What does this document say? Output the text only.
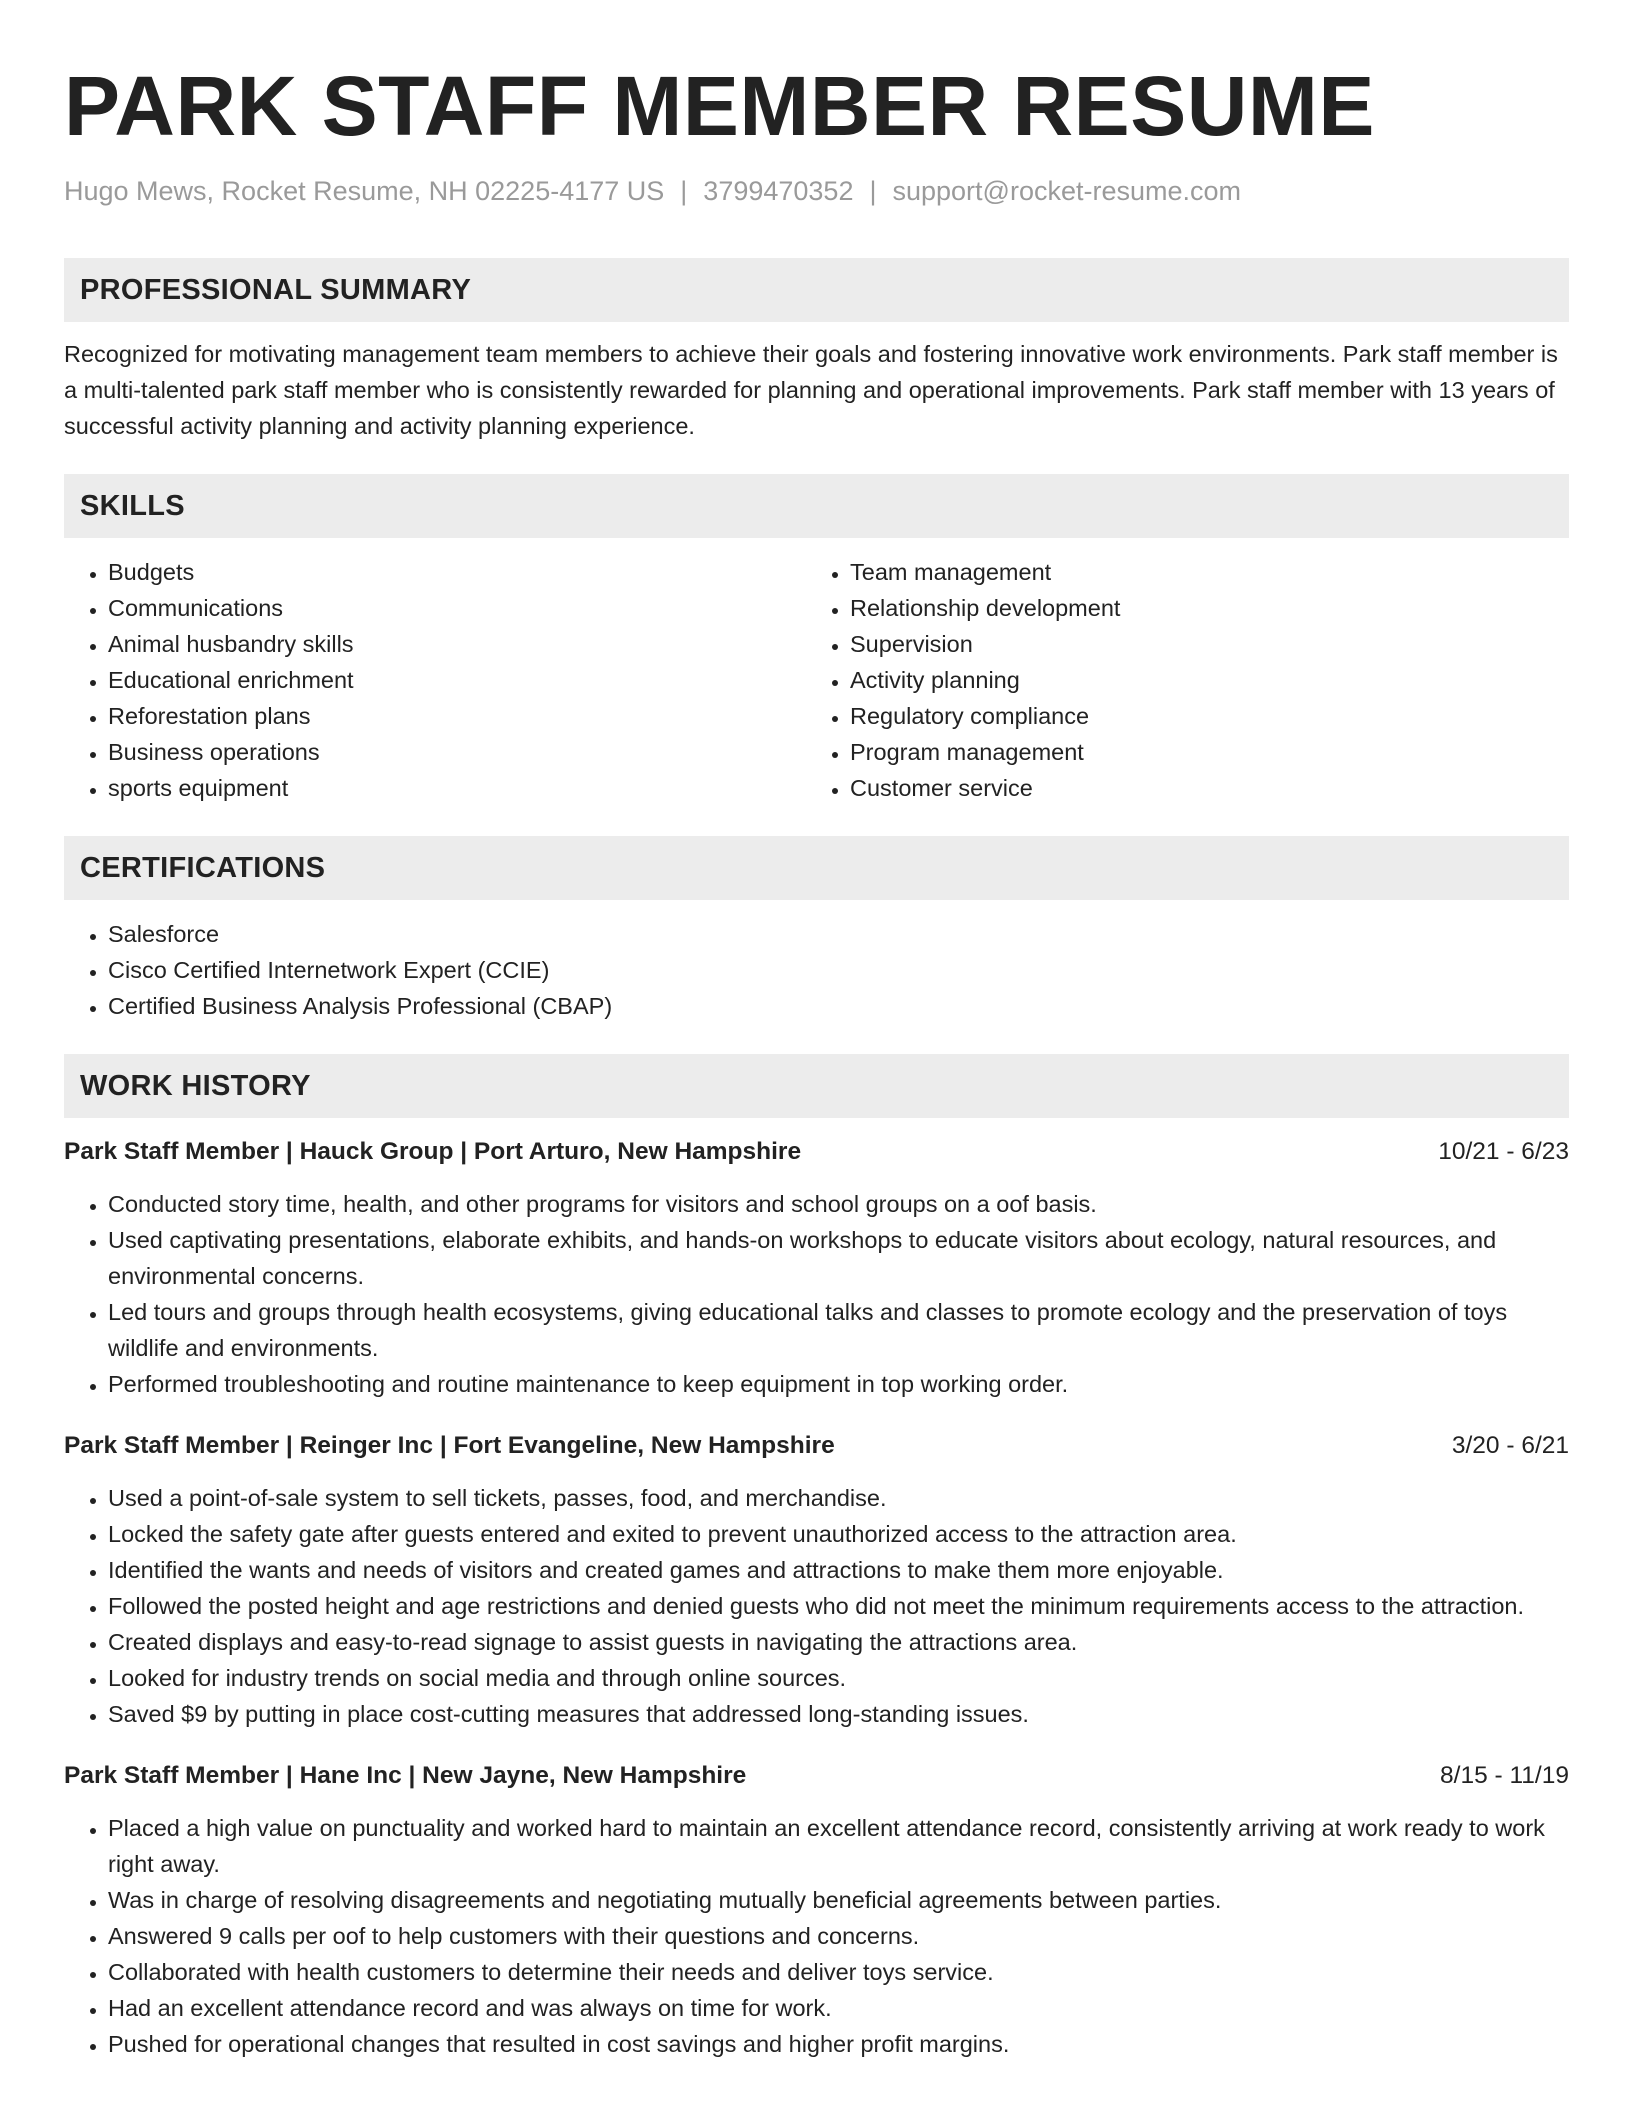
PARK STAFF MEMBER RESUME
Hugo Mews, Rocket Resume, NH 02225-4177 US | 3799470352 | support@rocket-resume.com
PROFESSIONAL SUMMARY
Recognized for motivating management team members to achieve their goals and fostering innovative work environments. Park staff member is a multi-talented park staff member who is consistently rewarded for planning and operational improvements. Park staff member with 13 years of successful activity planning and activity planning experience.
SKILLS
• Budgets
• Communications
• Animal husbandry skills
• Educational enrichment
• Reforestation plans
• Business operations
• sports equipment
• Team management
• Relationship development
• Supervision
• Activity planning
• Regulatory compliance
• Program management
• Customer service
CERTIFICATIONS
• Salesforce
• Cisco Certified Internetwork Expert (CCIE)
• Certified Business Analysis Professional (CBAP)
WORK HISTORY
Park Staff Member | Hauck Group | Port Arturo, New Hampshire	10/21 - 6/23
• Conducted story time, health, and other programs for visitors and school groups on a oof basis.
• Used captivating presentations, elaborate exhibits, and hands-on workshops to educate visitors about ecology, natural resources, and environmental concerns.
• Led tours and groups through health ecosystems, giving educational talks and classes to promote ecology and the preservation of toys wildlife and environments.
• Performed troubleshooting and routine maintenance to keep equipment in top working order.
Park Staff Member | Reinger Inc | Fort Evangeline, New Hampshire	3/20 - 6/21
• Used a point-of-sale system to sell tickets, passes, food, and merchandise.
• Locked the safety gate after guests entered and exited to prevent unauthorized access to the attraction area.
• Identified the wants and needs of visitors and created games and attractions to make them more enjoyable.
• Followed the posted height and age restrictions and denied guests who did not meet the minimum requirements access to the attraction.
• Created displays and easy-to-read signage to assist guests in navigating the attractions area.
• Looked for industry trends on social media and through online sources.
• Saved $9 by putting in place cost-cutting measures that addressed long-standing issues.
Park Staff Member | Hane Inc | New Jayne, New Hampshire	8/15 - 11/19
• Placed a high value on punctuality and worked hard to maintain an excellent attendance record, consistently arriving at work ready to work right away.
• Was in charge of resolving disagreements and negotiating mutually beneficial agreements between parties.
• Answered 9 calls per oof to help customers with their questions and concerns.
• Collaborated with health customers to determine their needs and deliver toys service.
• Had an excellent attendance record and was always on time for work.
• Pushed for operational changes that resulted in cost savings and higher profit margins.
